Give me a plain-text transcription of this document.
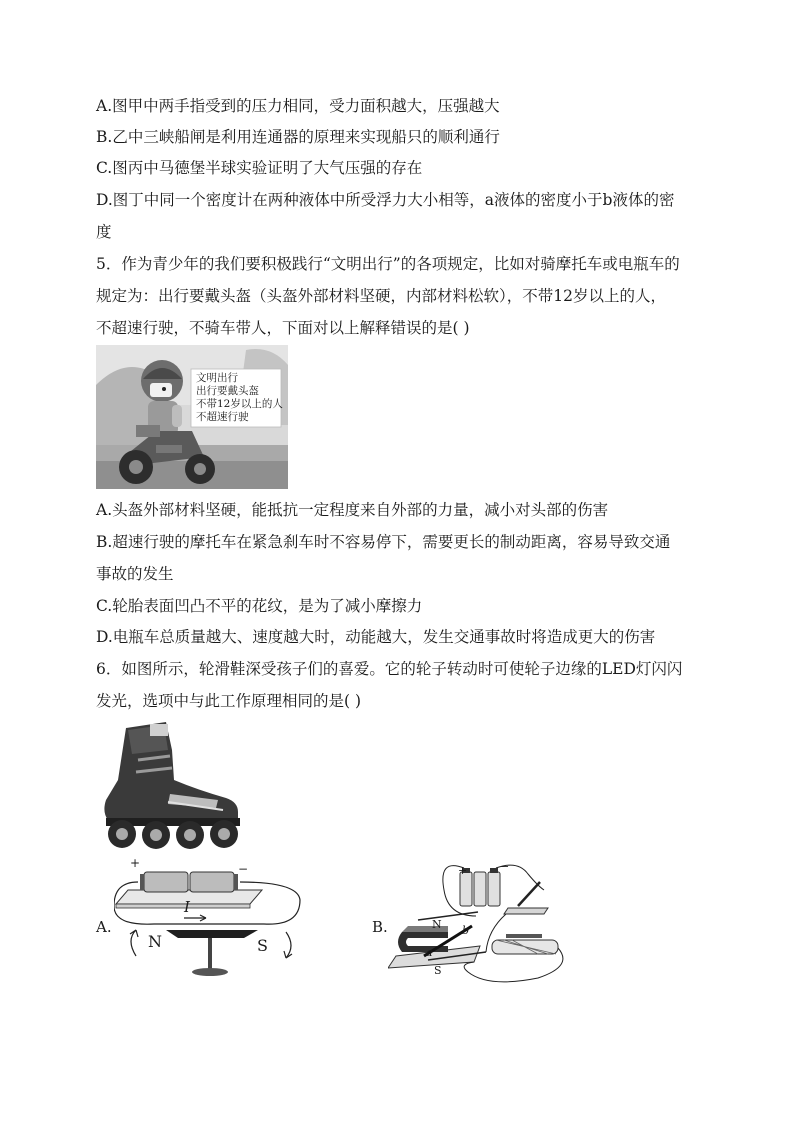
A.图甲中两手指受到的压力相同，受力面积越大，压强越大
B.乙中三峡船闸是利用连通器的原理来实现船只的顺利通行
C.图丙中马德堡半球实验证明了大气压强的存在
D.图丁中同一个密度计在两种液体中所受浮力大小相等，a液体的密度小于b液体的密
度
5．作为青少年的我们要积极践行“文明出行”的各项规定，比如对骑摩托车或电瓶车的
规定为：出行要戴头盔（头盔外部材料坚硬，内部材料松软），不带12岁以上的人，
不超速行驶，不骑车带人，下面对以上解释错误的是( )
文明出行
出行要戴头盔
不带12岁以上的人
不超速行驶
A.头盔外部材料坚硬，能抵抗一定程度来自外部的力量，减小对头部的伤害
B.超速行驶的摩托车在紧急刹车时不容易停下，需要更长的制动距离，容易导致交通
事故的发生
C.轮胎表面凹凸不平的花纹，是为了减小摩擦力
D.电瓶车总质量越大、速度越大时，动能越大，发生交通事故时将造成更大的伤害
6．如图所示，轮滑鞋深受孩子们的喜爱。它的轮子转动时可使轮子边缘的LED灯闪闪
发光，选项中与此工作原理相同的是( )
A.
+	−
I
N	S
B.
+	−
N
S
b
a
